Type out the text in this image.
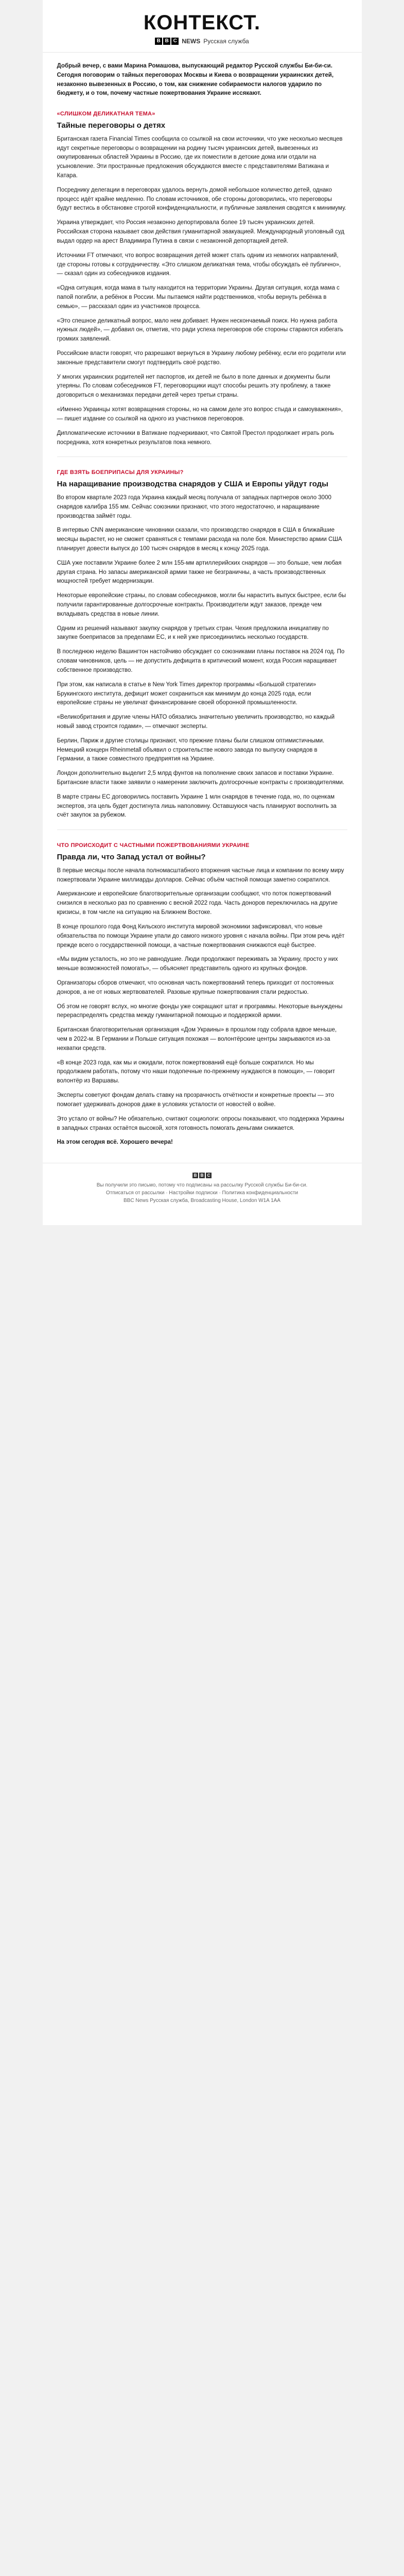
КОНТЕКСТ.
B B C NEWS Русская служба

Добрый вечер, с вами Марина Ромашова, выпускающий редактор Русской службы Би-би-си. Сегодня поговорим о тайных переговорах Москвы и Киева о возвращении украинских детей, незаконно вывезенных в Россию, о том, как снижение собираемости налогов ударило по бюджету, и о том, почему частные пожертвования Украине иссякают.

«СЛИШКОМ ДЕЛИКАТНАЯ ТЕМА»
Тайные переговоры о детях

Британская газета Financial Times сообщила со ссылкой на свои источники, что уже несколько месяцев идут секретные переговоры о возвращении на родину тысяч украинских детей, вывезенных из оккупированных областей Украины в Россию, где их поместили в детские дома или отдали на усыновление. Эти пространные предложения обсуждаются вместе с представителями Ватикана и Катара.

Посреднику делегации в переговорах удалось вернуть домой небольшое количество детей, однако процесс идёт крайне медленно. По словам источников, обе стороны договорились, что переговоры будут вестись в обстановке строгой конфиденциальности, и публичные заявления сводятся к минимуму.

Украина утверждает, что Россия незаконно депортировала более 19 тысяч украинских детей. Российская сторона называет свои действия гуманитарной эвакуацией. Международный уголовный суд выдал ордер на арест Владимира Путина в связи с незаконной депортацией детей.

Источники FT отмечают, что вопрос возвращения детей может стать одним из немногих направлений, где стороны готовы к сотрудничеству. «Это слишком деликатная тема, чтобы обсуждать её публично», — сказал один из собеседников издания.

«Одна ситуация, когда мама в тылу находится на территории Украины. Другая ситуация, когда мама с папой погибли, а ребёнок в России. Мы пытаемся найти родственников, чтобы вернуть ребёнка в семью», — рассказал один из участников процесса.

«Это спешное деликатный вопрос, мало нем добивает. Нужен нескончаемый поиск. Но нужна работа нужных людей», — добавил он, отметив, что ради успеха переговоров обе стороны стараются избегать громких заявлений.

Российские власти говорят, что разрешают вернуться в Украину любому ребёнку, если его родители или законные представители смогут подтвердить своё родство.

У многих украинских родителей нет паспортов, их детей не было в поле данных и документы были утеряны. По словам собеседников FT, переговорщики ищут способы решить эту проблему, а также договориться о механизмах передачи детей через третьи страны.

«Именно Украинцы хотят возвращения стороны, но на самом деле это вопрос стыда и самоуважения», — пишет издание со ссылкой на одного из участников переговоров.

Дипломатические источники в Ватикане подчеркивают, что Святой Престол продолжает играть роль посредника, хотя конкретных результатов пока немного.

ГДЕ ВЗЯТЬ БОЕПРИПАСЫ ДЛЯ УКРАИНЫ?
На наращивание производства снарядов у США и Европы уйдут годы

Во втором квартале 2023 года Украина каждый месяц получала от западных партнеров около 3000 снарядов калибра 155 мм. Сейчас союзники признают, что этого недостаточно, и наращивание производства займёт годы.

В интервью CNN американские чиновники сказали, что производство снарядов в США в ближайшие месяцы вырастет, но не сможет сравняться с темпами расхода на поле боя. Министерство армии США планирует довести выпуск до 100 тысяч снарядов в месяц к концу 2025 года.

США уже поставили Украине более 2 млн 155-мм артиллерийских снарядов — это больше, чем любая другая страна. Но запасы американской армии также не безграничны, а часть производственных мощностей требует модернизации.

Некоторые европейские страны, по словам собеседников, могли бы нарастить выпуск быстрее, если бы получили гарантированные долгосрочные контракты. Производители ждут заказов, прежде чем вкладывать средства в новые линии.

Одним из решений называют закупку снарядов у третьих стран. Чехия предложила инициативу по закупке боеприпасов за пределами ЕС, и к ней уже присоединились несколько государств.

В последнюю неделю Вашингтон настойчиво обсуждает со союзниками планы поставок на 2024 год. По словам чиновников, цель — не допустить дефицита в критический момент, когда Россия наращивает собственное производство.

При этом, как написала в статье в New York Times директор программы «Большой стратегии» Брукингского института, дефицит может сохраниться как минимум до конца 2025 года, если европейские страны не увеличат финансирование своей оборонной промышленности.

«Великобритания и другие члены НАТО обязались значительно увеличить производство, но каждый новый завод строится годами», — отмечают эксперты.

Берлин, Париж и другие столицы признают, что прежние планы были слишком оптимистичными. Немецкий концерн Rheinmetall объявил о строительстве нового завода по выпуску снарядов в Германии, а также совместного предприятия на Украине.

Лондон дополнительно выделит 2,5 млрд фунтов на пополнение своих запасов и поставки Украине. Британские власти также заявили о намерении заключить долгосрочные контракты с производителями.

В марте страны ЕС договорились поставить Украине 1 млн снарядов в течение года, но, по оценкам экспертов, эта цель будет достигнута лишь наполовину. Оставшуюся часть планируют восполнить за счёт закупок за рубежом.

ЧТО ПРОИСХОДИТ С ЧАСТНЫМИ ПОЖЕРТВОВАНИЯМИ УКРАИНЕ
Правда ли, что Запад устал от войны?

В первые месяцы после начала полномасштабного вторжения частные лица и компании по всему миру пожертвовали Украине миллиарды долларов. Сейчас объём частной помощи заметно сократился.

Американские и европейские благотворительные организации сообщают, что поток пожертвований снизился в несколько раз по сравнению с весной 2022 года. Часть доноров переключилась на другие кризисы, в том числе на ситуацию на Ближнем Востоке.

В конце прошлого года Фонд Кильского института мировой экономики зафиксировал, что новые обязательства по помощи Украине упали до самого низкого уровня с начала войны. При этом речь идёт прежде всего о государственной помощи, а частные пожертвования снижаются ещё быстрее.

«Мы видим усталость, но это не равнодушие. Люди продолжают переживать за Украину, просто у них меньше возможностей помогать», — объясняет представитель одного из крупных фондов.

Организаторы сборов отмечают, что основная часть пожертвований теперь приходит от постоянных доноров, а не от новых жертвователей. Разовые крупные пожертвования стали редкостью.

Об этом не говорят вслух, но многие фонды уже сокращают штат и программы. Некоторые вынуждены перераспределять средства между гуманитарной помощью и поддержкой армии.

Британская благотворительная организация «Дом Украины» в прошлом году собрала вдвое меньше, чем в 2022-м. В Германии и Польше ситуация похожая — волонтёрские центры закрываются из-за нехватки средств.

«В конце 2023 года, как мы и ожидали, поток пожертвований ещё больше сократился. Но мы продолжаем работать, потому что наши подопечные по-прежнему нуждаются в помощи», — говорит волонтёр из Варшавы.

Эксперты советуют фондам делать ставку на прозрачность отчётности и конкретные проекты — это помогает удерживать доноров даже в условиях усталости от новостей о войне.

Это устало от войны? Не обязательно, считают социологи: опросы показывают, что поддержка Украины в западных странах остаётся высокой, хотя готовность помогать деньгами снижается.

На этом сегодня всё. Хорошего вечера!

B B C
Вы получили это письмо, потому что подписаны на рассылку Русской службы Би-би-си.
Отписаться от рассылки · Настройки подписки · Политика конфиденциальности
BBC News Русская служба, Broadcasting House, London W1A 1AA
